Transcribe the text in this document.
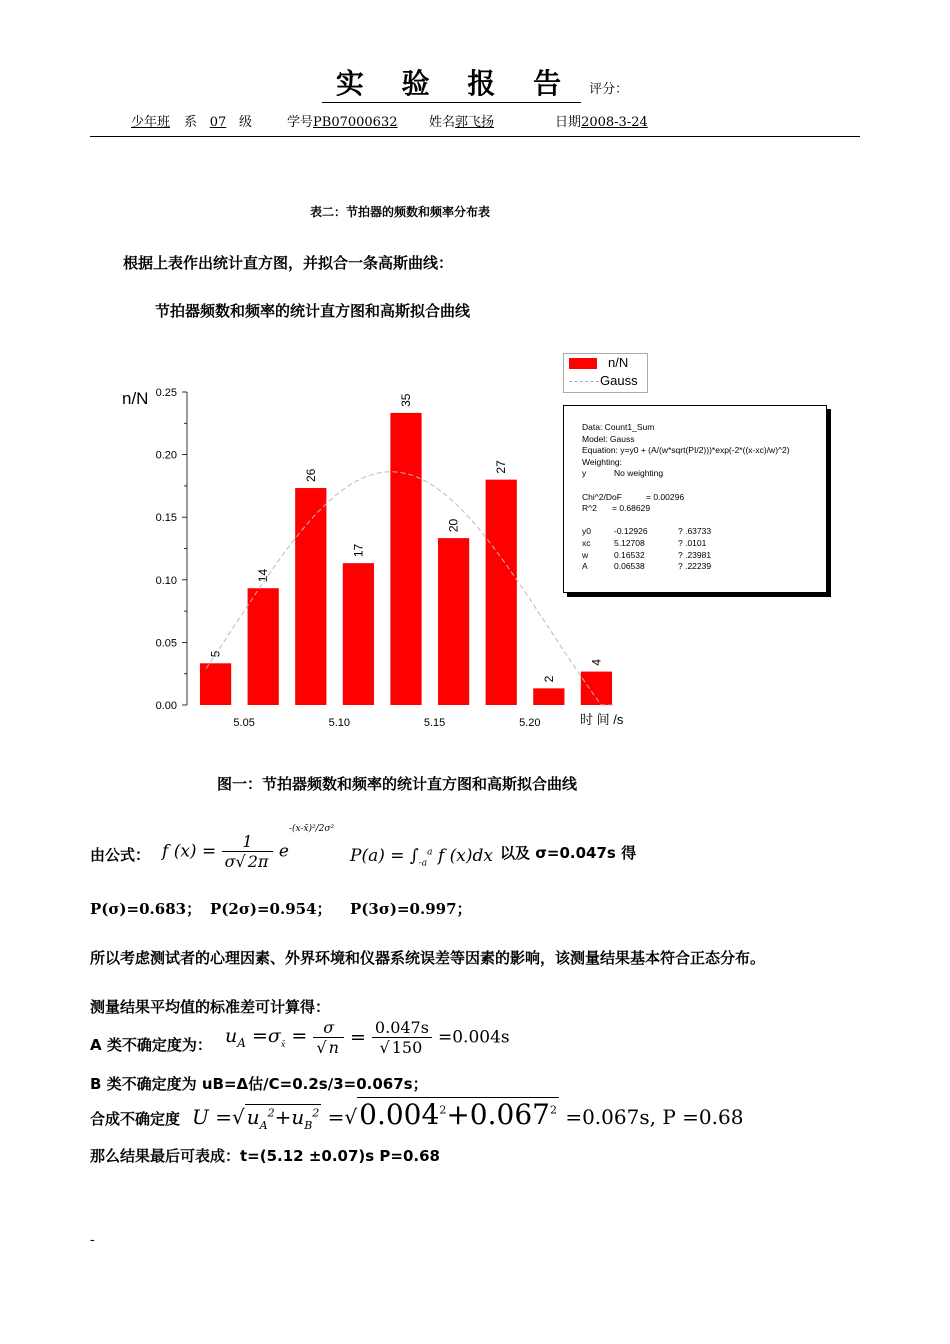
实 验 报 告 评分：
少年班 系 07 级	学号PB07000632 姓名郭飞扬	日期2008-3-24
表二：节拍器的频数和频率分布表
根据上表作出统计直方图，并拟合一条高斯曲线：
节拍器频数和频率的统计直方图和高斯拟合曲线
0.00
0.05
0.10
0.15
0.20
0.25
n/N
5.05	5.10	5.15	5.20	时 间 /s
5
14
26
17
35
20
27
2
4
n/N
Gauss
Data: Count1_Sum
Model: Gauss
Equation: y=y0 + (A/(w*sqrt(PI/2)))*exp(-2*((x-xc)/w)^2)
Weighting:
y	No weighting

Chi^2/DoF	= 0.00296
R^2 = 0.68629

y0	-0.12926	? .63733
xc	5.12708	? .0101
w	0.16532	? .23981
A	0.06538	? .22239
图一：节拍器频数和频率的统计直方图和高斯拟合曲线
由公式： f $(x) = \frac{1}{\sigma√ 2\pi} e^{-(x-x̄)^2/2\sigma^2}$
$P(a) = \int_{-a}^a$ f (x)dx 以及 σ=0.047s 得
P(σ)=0.683； P(2σ)=0.954； P(3σ)=0.997；
所以考虑测试者的心理因素、外界环境和仪器系统误差等因素的影响，该测量结果基本符合正态分布。
测量结果平均值的标准差可计算得：
A 类不确定度为： $u_A =\sigma_{x̄} = \frac{\sigma}{√ n} = \frac{0.047s}{√ 150} =0.004s$
B 类不确定度为 uB=Δ估/C=0.2s/3=0.067s；
合成不确定度 U =√ $u_A^2+u_B^2 =√0.004^2+0.067^2 =0.067s$, P =0.68
那么结果最后可表成：t=(5.12 ±0.07)s P=0.68
-
